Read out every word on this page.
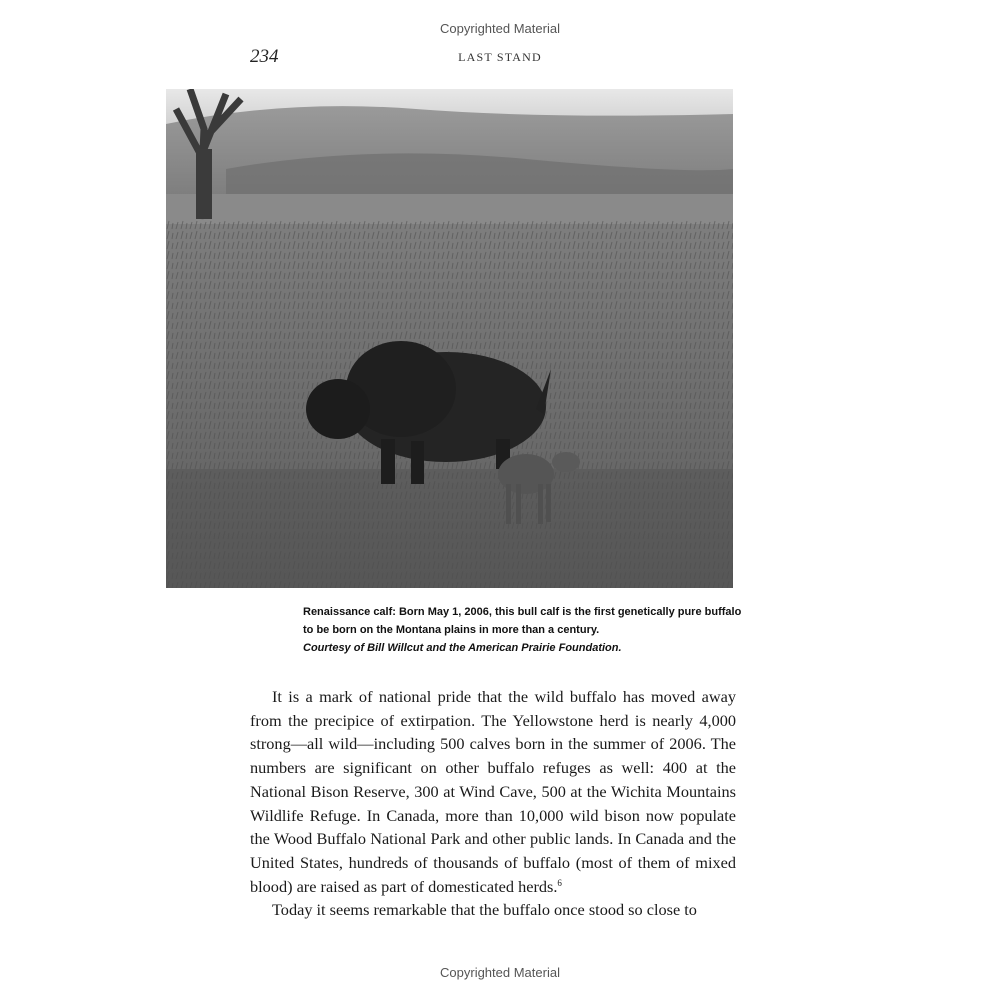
Copyrighted Material
234	LAST STAND
Renaissance calf: Born May 1, 2006, this bull calf is the first genetically pure buffalo to be born on the Montana plains in more than a century.
Courtesy of Bill Willcut and the American Prairie Foundation.

It is a mark of national pride that the wild buffalo has moved away from the precipice of extirpation. The Yellowstone herd is nearly 4,000 strong—all wild—including 500 calves born in the summer of 2006. The numbers are significant on other buffalo refuges as well: 400 at the National Bison Reserve, 300 at Wind Cave, 500 at the Wichita Mountains Wildlife Refuge. In Canada, more than 10,000 wild bison now populate the Wood Buffalo National Park and other public lands. In Canada and the United States, hundreds of thousands of buffalo (most of them of mixed blood) are raised as part of domesticated herds.$^6$

Today it seems remarkable that the buffalo once stood so close to

Copyrighted Material
